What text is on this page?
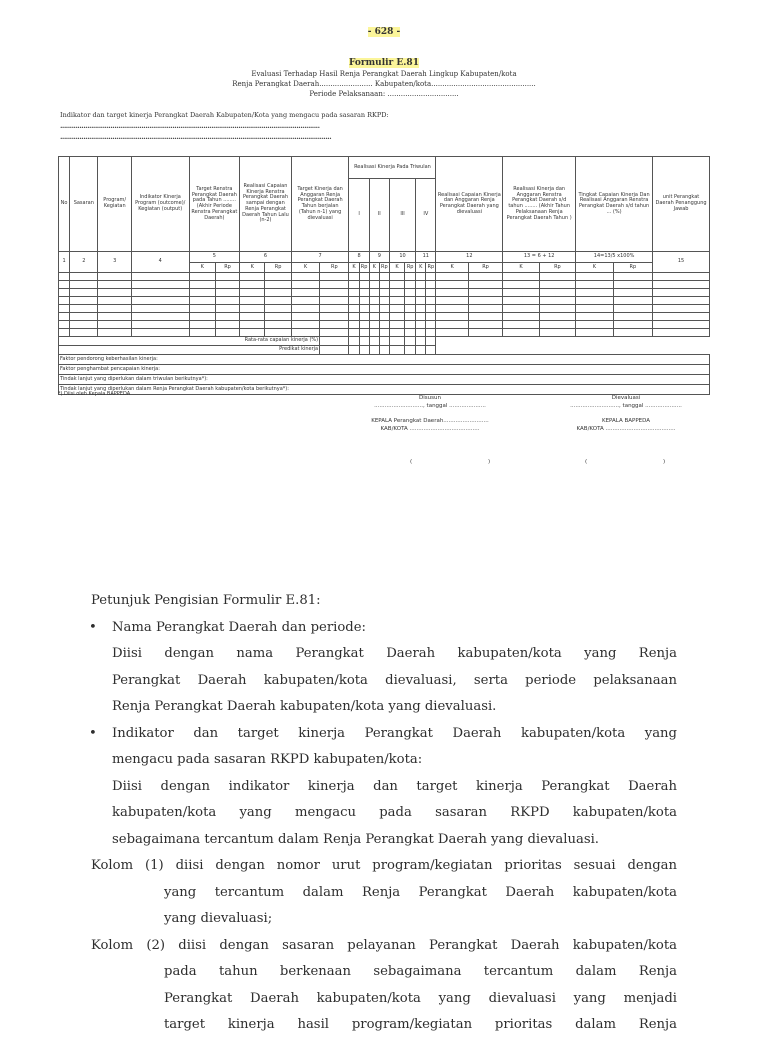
- 628 -
Formulir E.81
Evaluasi Terhadap Hasil Renja Perangkat Daerah Lingkup Kabupaten/kota
Renja Perangkat Daerah........................ Kabupaten/kota...............................................
Periode Pelaksanaan: ................................
Indikator dan target kinerja Perangkat Daerah Kabupaten/Kota yang mengacu pada sasaran RKPD:
......................................................................................................................................
............................................................................................................................................
No	Sasaran	Program/ Kegiatan	Indikator Kinerja Program (outcome)/ Kegiatan (output)	Target Renstra Perangkat Daerah pada Tahun ........ (Akhir Periode Renstra Perangkat Daerah)		Realisasi Capaian Kinerja Renstra Perangkat Daerah sampai dengan Renja Perangkat Daerah Tahun Lalu (n-2)		Target Kinerja dan Anggaran Renja Perangkat Daerah Tahun berjalan (Tahun n-1) yang dievaluasi		Realisasi Kinerja Pada Triwulan								Realisasi Capaian Kinerja dan Anggaran Renja Perangkat Daerah yang dievaluasi		Realisasi Kinerja dan Anggaran Renstra Perangkat Daerah s/d tahun ........ (Akhir Tahun Pelaksanaan Renja Perangkat Daerah Tahun )		Tingkat Capaian Kinerja Dan Realisasi Anggaran Renstra Perangkat Daerah s/d tahun ... (%)		unit Perangkat Daerah Penanggung Jawab
										I		II		III		IV								
1	2	3	4	5		6		7		8		9		10		11		12		13 = 6 + 12		14=13/5 x100%		15
				K	Rp	K	Rp	K	Rp	K	Rp	K	Rp	K	Rp	K	Rp	K	Rp	K	Rp	K	Rp	

Rata-rata capaian kinerja (%)																								
Predikat kinerja																								
Faktor pendorong keberhasilan kinerja:																								
Faktor penghambat pencapaian kinerja:																								
Tindak lanjut yang diperlukan dalam triwulan berikutnya*):																								
Tindak lanjut yang diperlukan dalam Renja Perangkat Daerah kabupaten/kota berikutnya*):																								
*) Diisi oleh Kepala BAPPEDA
Disusun
............................, tanggal .....................
KEPALA Perangkat Daerah..........................
KAB/KOTA ........................................
(	)
Dievaluasi
............................, tanggal .....................
KEPALA BAPPEDA
KAB/KOTA ........................................
(	)
Petunjuk Pengisian Formulir E.81:
• Nama Perangkat Daerah dan periode:
Diisi dengan nama Perangkat Daerah kabupaten/kota yang Renja
Perangkat Daerah kabupaten/kota dievaluasi, serta periode pelaksanaan
Renja Perangkat Daerah kabupaten/kota yang dievaluasi.
• Indikator dan target kinerja Perangkat Daerah kabupaten/kota yang
mengacu pada sasaran RKPD kabupaten/kota:
Diisi dengan indikator kinerja dan target kinerja Perangkat Daerah
kabupaten/kota yang mengacu pada sasaran RKPD kabupaten/kota
sebagaimana tercantum dalam Renja Perangkat Daerah yang dievaluasi.
Kolom (1) diisi dengan nomor urut program/kegiatan prioritas sesuai dengan
yang tercantum dalam Renja Perangkat Daerah kabupaten/kota
yang dievaluasi;
Kolom (2) diisi dengan sasaran pelayanan Perangkat Daerah kabupaten/kota
pada tahun berkenaan sebagaimana tercantum dalam Renja
Perangkat Daerah kabupaten/kota yang dievaluasi yang menjadi
target kinerja hasil program/kegiatan prioritas dalam Renja
